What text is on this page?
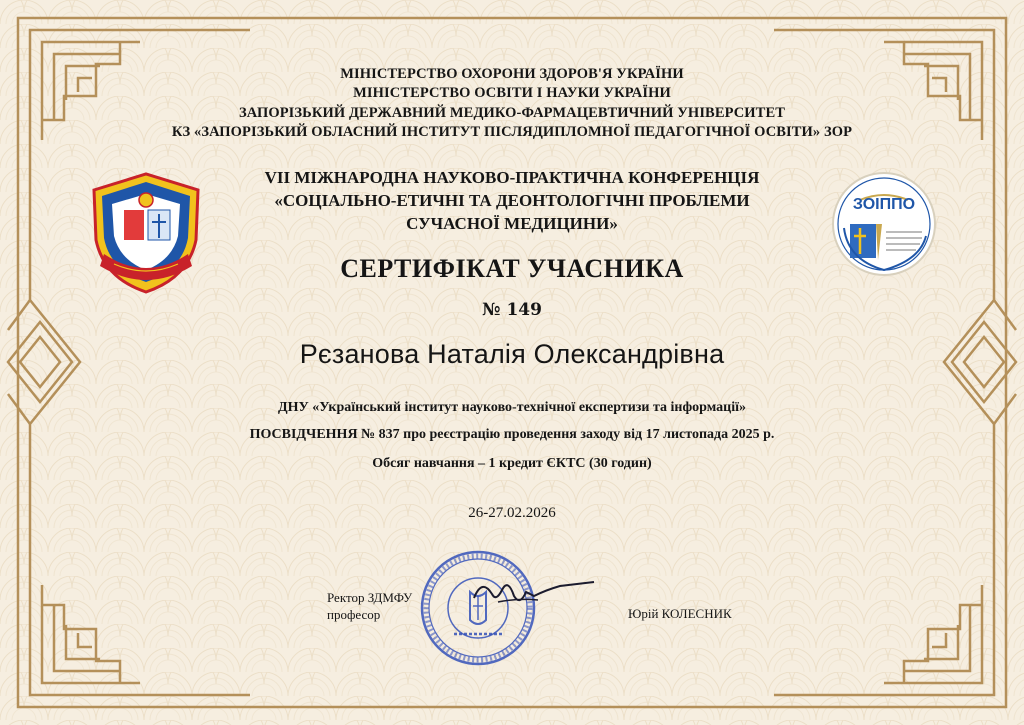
МІНІСТЕРСТВО ОХОРОНИ ЗДОРОВ'Я УКРАЇНИ
МІНІСТЕРСТВО ОСВІТИ І НАУКИ УКРАЇНИ
ЗАПОРІЗЬКИЙ ДЕРЖАВНИЙ МЕДИКО-ФАРМАЦЕВТИЧНИЙ УНІВЕРСИТЕТ
КЗ «ЗАПОРІЗЬКИЙ ОБЛАСНИЙ ІНСТИТУТ ПІСЛЯДИПЛОМНОЇ ПЕДАГОГІЧНОЇ ОСВІТИ» ЗОР
VII МІЖНАРОДНА НАУКОВО-ПРАКТИЧНА КОНФЕРЕНЦІЯ
«СОЦІАЛЬНО-ЕТИЧНІ ТА ДЕОНТОЛОГІЧНІ ПРОБЛЕМИ
СУЧАСНОЇ МЕДИЦИНИ»
СЕРТИФІКАТ УЧАСНИКА
№ 149
Рєзанова Наталія Олександрівна
ДНУ «Український інститут науково-технічної експертизи та інформації»
ПОСВІДЧЕННЯ № 837 про реєстрацію проведення заходу від 17 листопада 2025 р.
Обсяг навчання – 1 кредит ЄКТС (30 годин)
26-27.02.2026
ЗОІППО
Ректор ЗДМФУ
професор	Юрій КОЛЕСНИК
